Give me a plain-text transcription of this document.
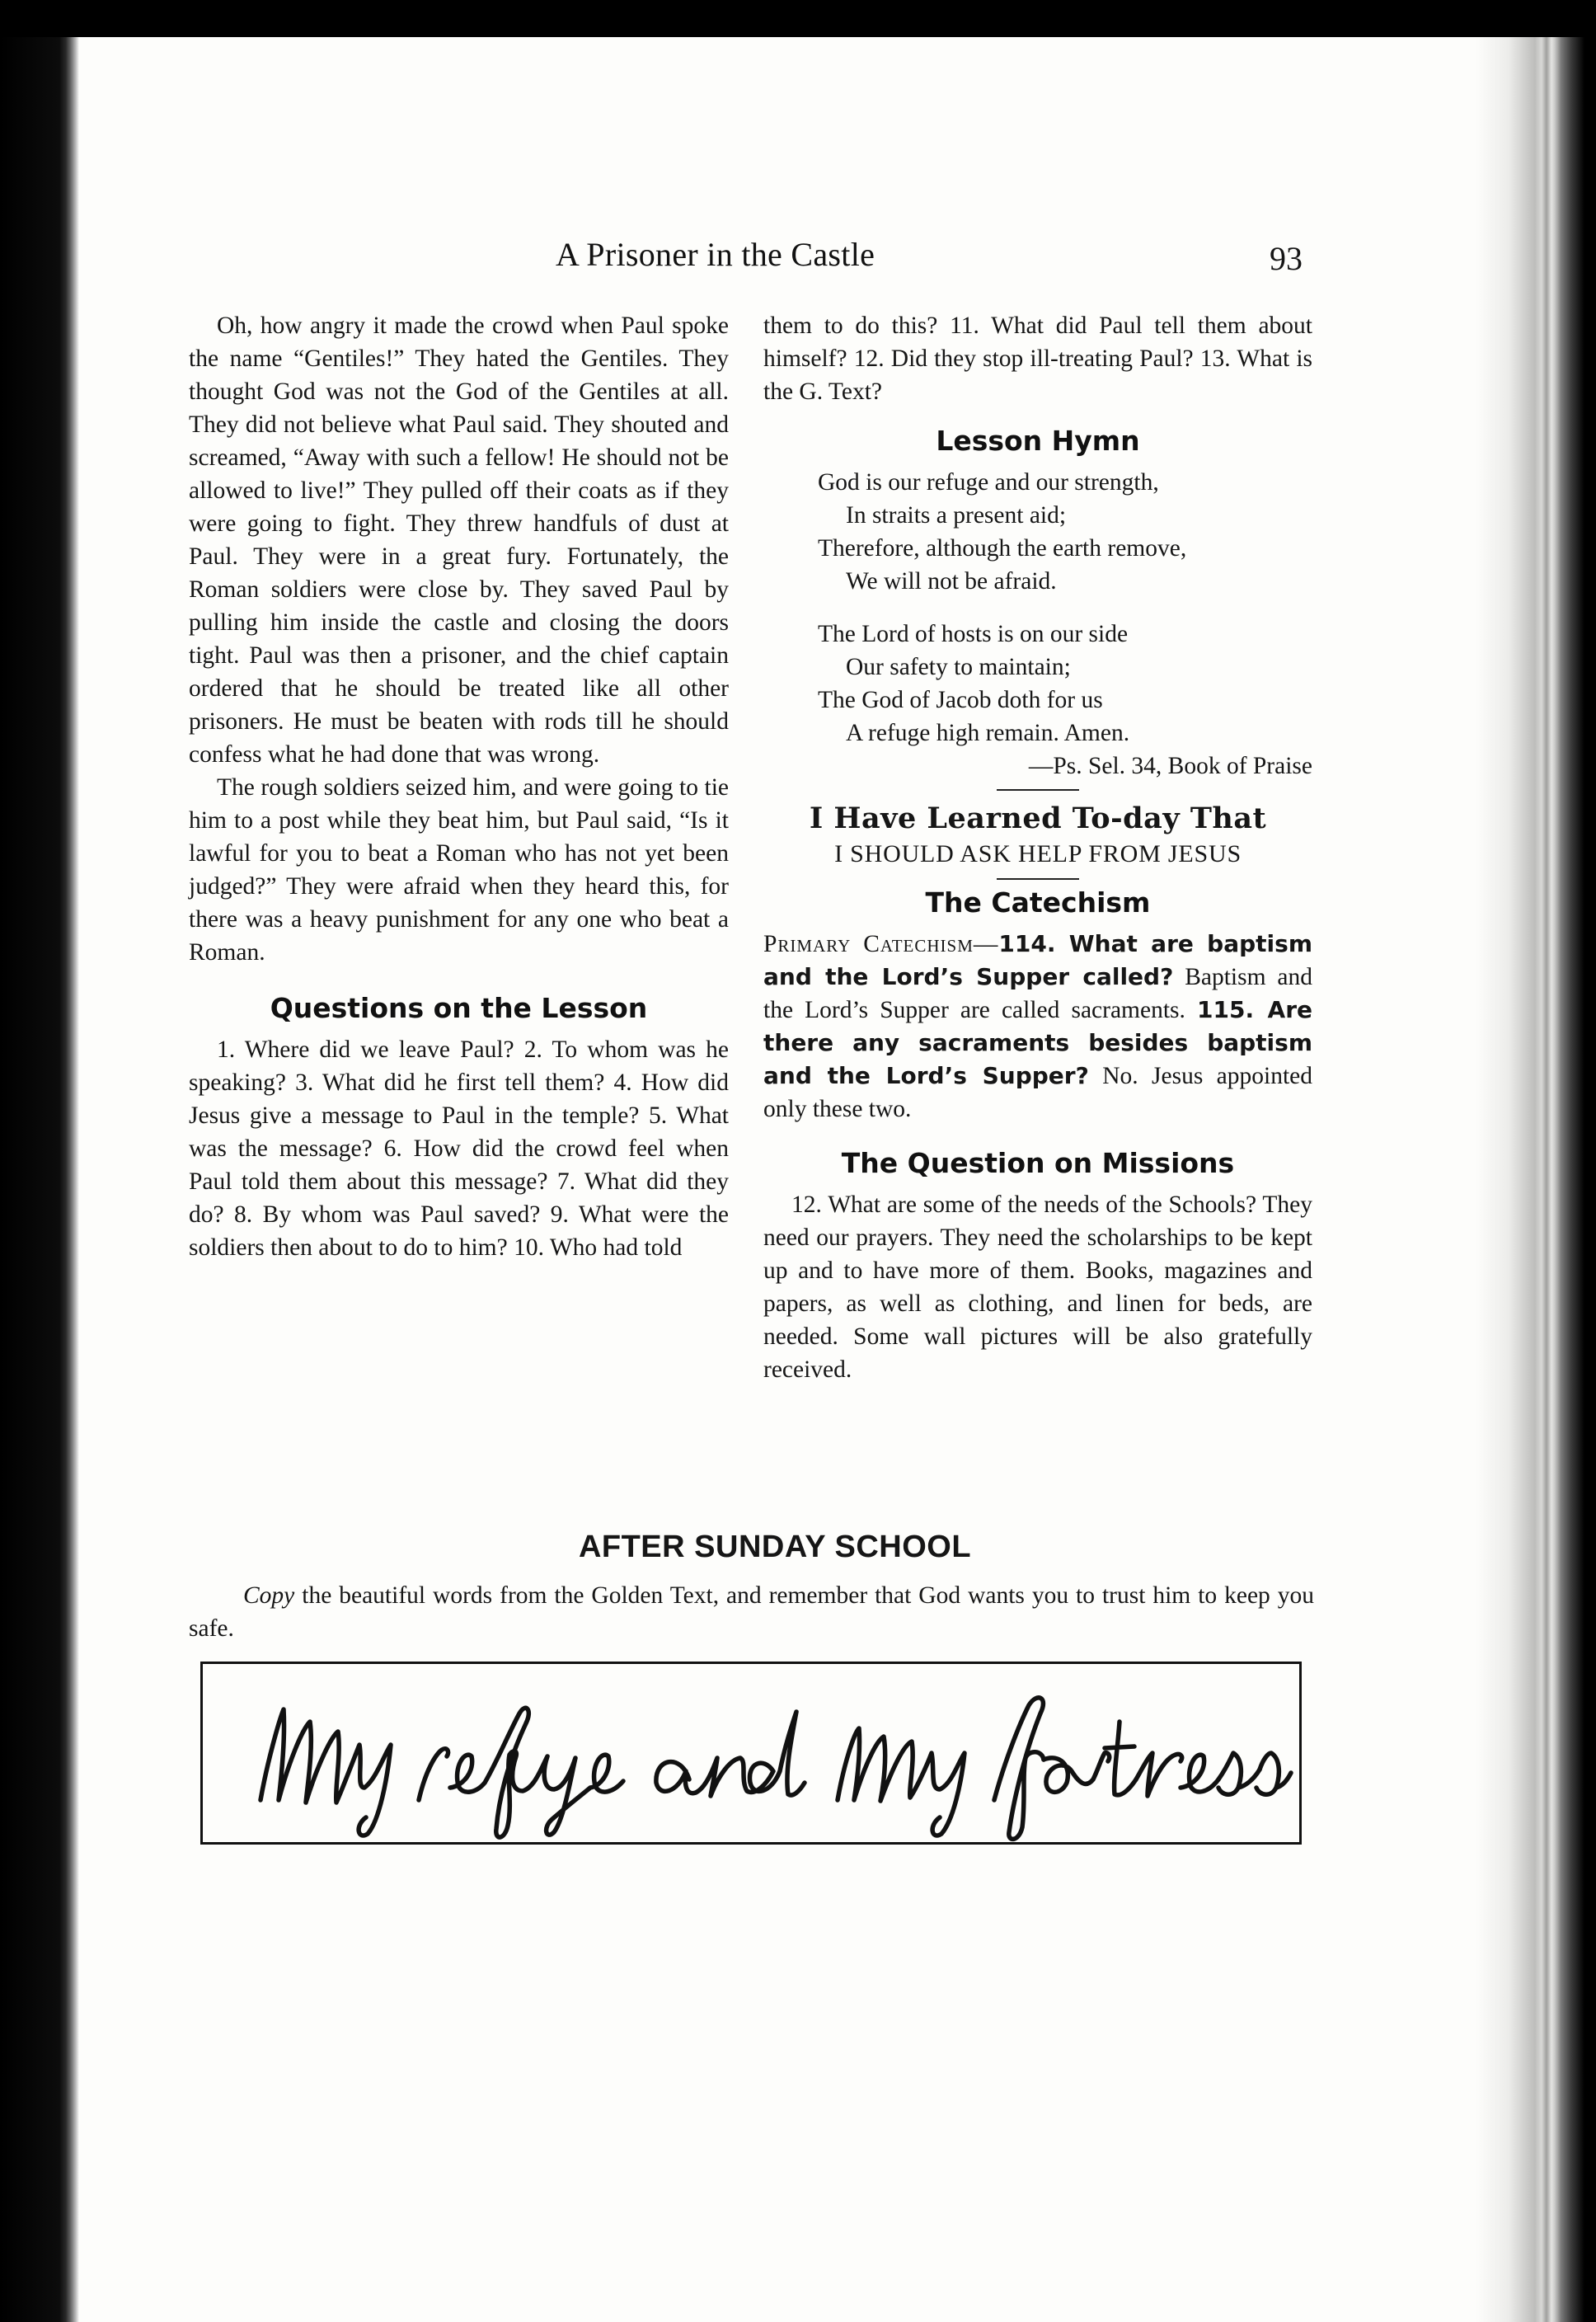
A Prisoner in the Castle	93

Oh, how angry it made the crowd when Paul spoke the name “Gentiles!” They hated the Gentiles. They thought God was not the God of the Gentiles at all. They did not believe what Paul said. They shouted and screamed, “Away with such a fellow! He should not be allowed to live!” They pulled off their coats as if they were going to fight. They threw handfuls of dust at Paul. They were in a great fury. Fortunately, the Roman soldiers were close by. They saved Paul by pulling him inside the castle and closing the doors tight. Paul was then a prisoner, and the chief captain ordered that he should be treated like all other prisoners. He must be beaten with rods till he should confess what he had done that was wrong.

The rough soldiers seized him, and were going to tie him to a post while they beat him, but Paul said, “Is it lawful for you to beat a Roman who has not yet been judged?” They were afraid when they heard this, for there was a heavy punishment for any one who beat a Roman.

Questions on the Lesson

1. Where did we leave Paul? 2. To whom was he speaking? 3. What did he first tell them? 4. How did Jesus give a message to Paul in the temple? 5. What was the message? 6. How did the crowd feel when Paul told them about this message? 7. What did they do? 8. By whom was Paul saved? 9. What were the soldiers then about to do to him? 10. Who had told

them to do this? 11. What did Paul tell them about himself? 12. Did they stop ill-treating Paul? 13. What is the G. Text?

Lesson Hymn
God is our refuge and our strength,
In straits a present aid;
Therefore, although the earth remove,
We will not be afraid.
The Lord of hosts is on our side
Our safety to maintain;
The God of Jacob doth for us
A refuge high remain. Amen.
—Ps. Sel. 34, Book of Praise
I Have Learned To-day That
I SHOULD ASK HELP FROM JESUS
The Catechism

Primary Catechism—114. What are baptism and the Lord’s Supper called? Baptism and the Lord’s Supper are called sacraments. 115. Are there any sacraments besides baptism and the Lord’s Supper? No. Jesus appointed only these two.

The Question on Missions

12. What are some of the needs of the Schools? They need our prayers. They need the scholarships to be kept up and to have more of them. Books, magazines and papers, as well as clothing, and linen for beds, are needed. Some wall pictures will be also gratefully received.

AFTER SUNDAY SCHOOL

Copy the beautiful words from the Golden Text, and remember that God wants you to trust him to keep you safe.
